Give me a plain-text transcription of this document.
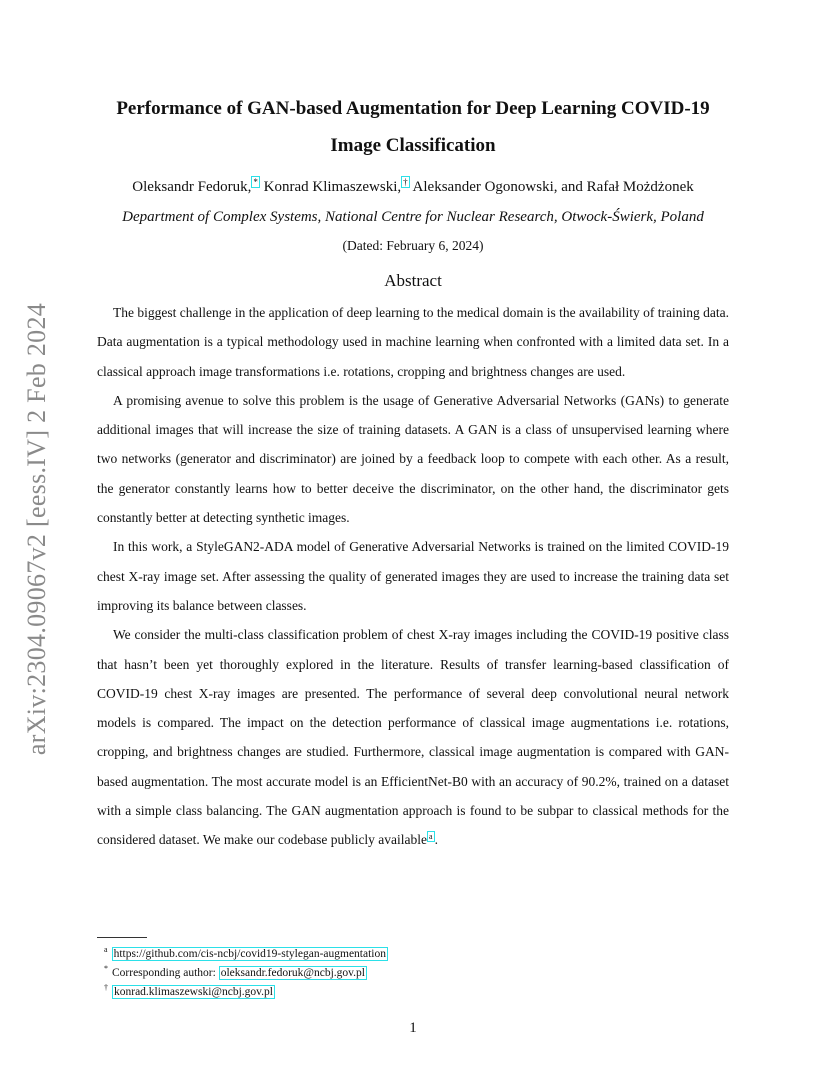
arXiv:2304.09067v2 [eess.IV] 2 Feb 2024
Performance of GAN-based Augmentation for Deep Learning COVID-19
Image Classification
Oleksandr Fedoruk, * Konrad Klimaszewski, † Aleksander Ogonowski, and Rafał Możdżonek
Department of Complex Systems, National Centre for Nuclear Research, Otwock-Świerk, Poland
(Dated: February 6, 2024)
Abstract

The biggest challenge in the application of deep learning to the medical domain is the availability of training data. Data augmentation is a typical methodology used in machine learning when confronted with a limited data set. In a classical approach image transformations i.e. rotations, cropping and brightness changes are used.

A promising avenue to solve this problem is the usage of Generative Adversarial Networks (GANs) to generate additional images that will increase the size of training datasets. A GAN is a class of unsupervised learning where two networks (generator and discriminator) are joined by a feedback loop to compete with each other. As a result, the generator constantly learns how to better deceive the discriminator, on the other hand, the discriminator gets constantly better at detecting synthetic images.

In this work, a StyleGAN2-ADA model of Generative Adversarial Networks is trained on the limited COVID-19 chest X-ray image set. After assessing the quality of generated images they are used to increase the training data set improving its balance between classes.

We consider the multi-class classification problem of chest X-ray images including the COVID-19 positive class that hasn’t been yet thoroughly explored in the literature. Results of transfer learning-based classification of COVID-19 chest X-ray images are presented. The performance of several deep convolutional neural network models is compared. The impact on the detection performance of classical image augmentations i.e. rotations, cropping, and brightness changes are studied. Furthermore, classical image augmentation is compared with GAN-based augmentation. The most accurate model is an EfficientNet-B0 with an accuracy of 90.2%, trained on a dataset with a simple class balancing. The GAN augmentation approach is found to be subpar to classical methods for the considered dataset. We make our codebase publicly available $^a$ .

$^a$ https://github.com/cis-ncbj/covid19-stylegan-augmentation
* Corresponding author: oleksandr.fedoruk@ncbj.gov.pl
† konrad.klimaszewski@ncbj.gov.pl
1
